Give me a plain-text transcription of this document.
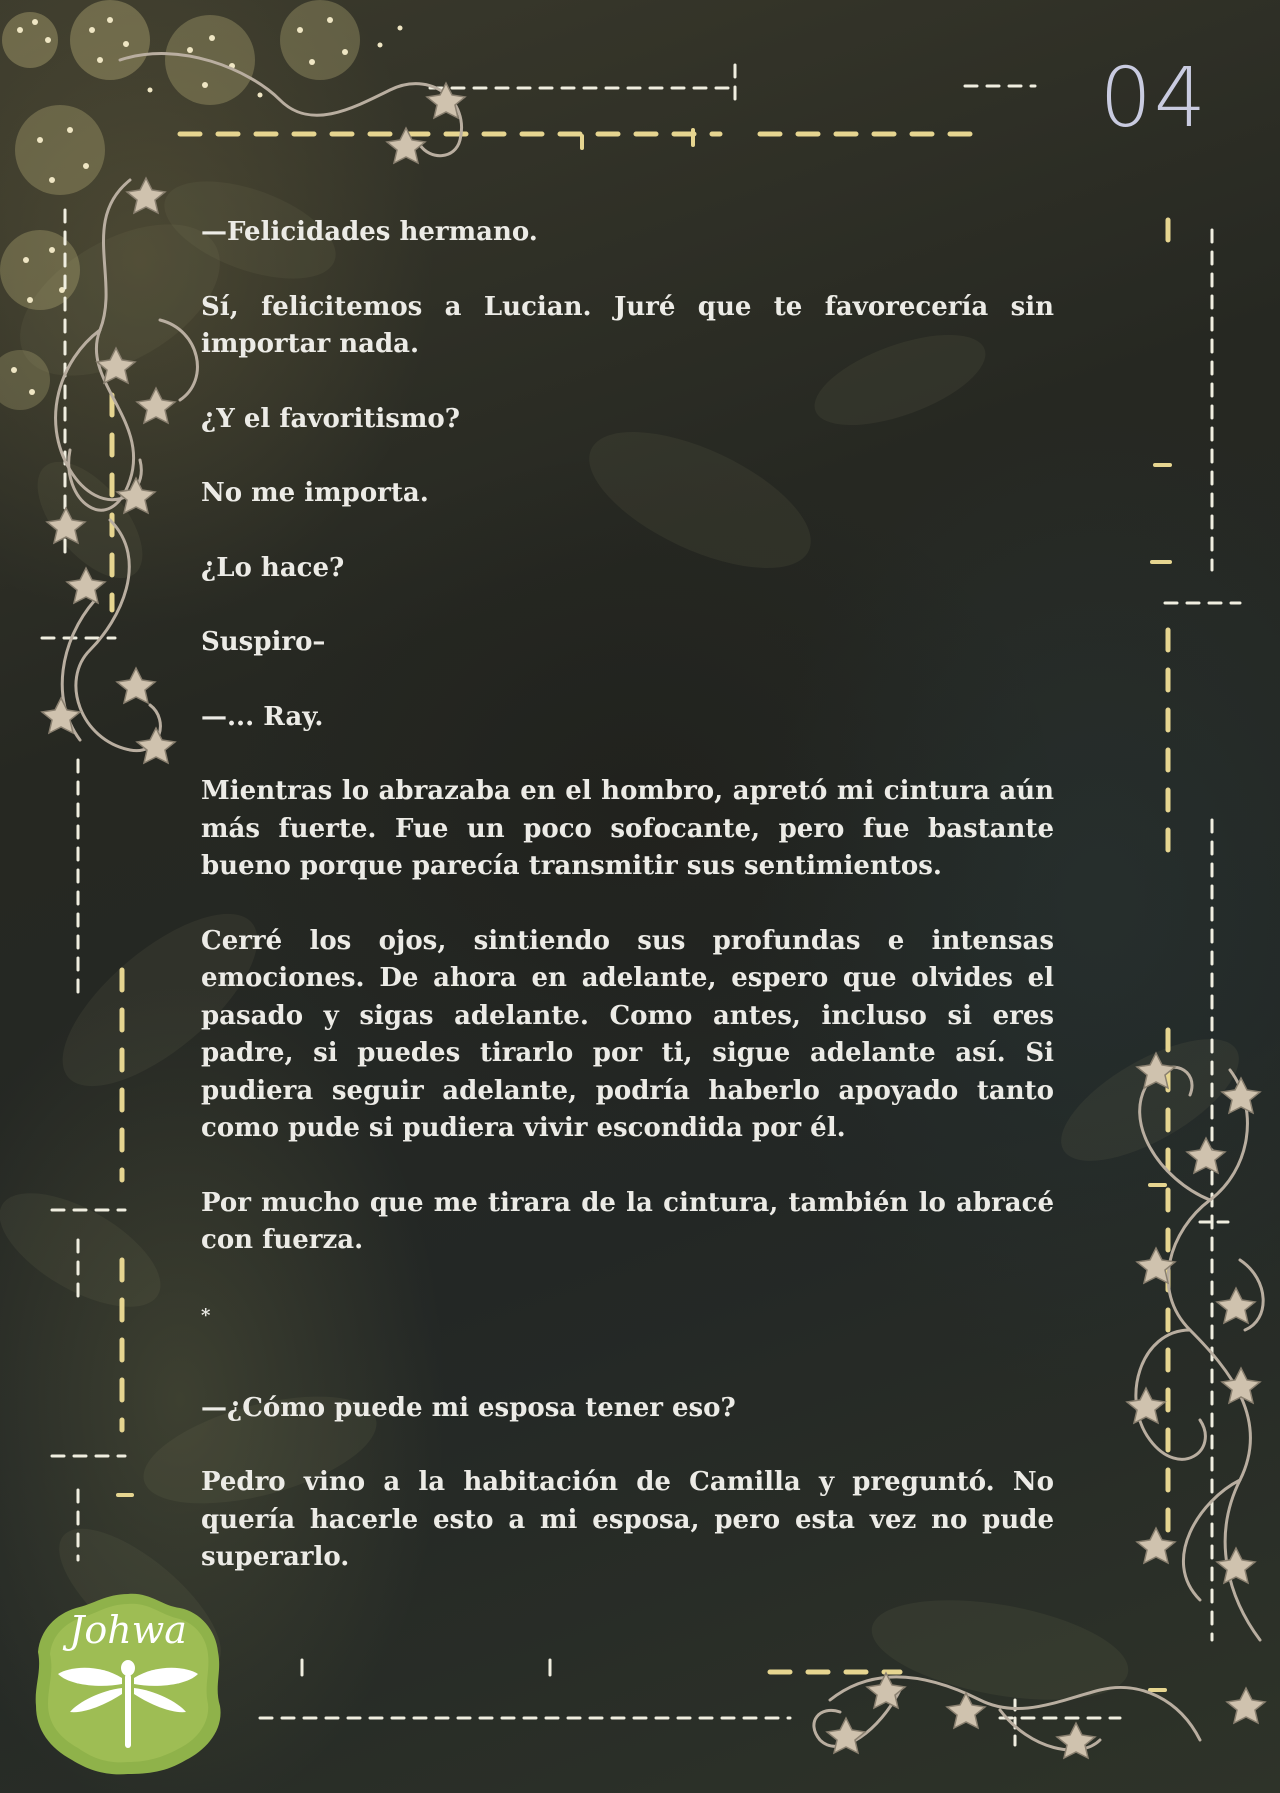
04

—Felicidades hermano.

Sí, felicitemos a Lucian. Juré que te favorecería sin importar nada.

¿Y el favoritismo?

No me importa.

¿Lo hace?

Suspiro–

—... Ray.

Mientras lo abrazaba en el hombro, apretó mi cintura aún más fuerte. Fue un poco sofocante, pero fue bastante bueno porque parecía transmitir sus sentimientos.

Cerré los ojos, sintiendo sus profundas e intensas emociones. De ahora en adelante, espero que olvides el pasado y sigas adelante. Como antes, incluso si eres padre, si puedes tirarlo por ti, sigue adelante así. Si pudiera seguir adelante, podría haberlo apoyado tanto como pude si pudiera vivir escondida por él.

Por mucho que me tirara de la cintura, también lo abracé con fuerza.

*

—¿Cómo puede mi esposa tener eso?

Pedro vino a la habitación de Camilla y preguntó. No quería hacerle esto a mi esposa, pero esta vez no pude superarlo.

Johwa
